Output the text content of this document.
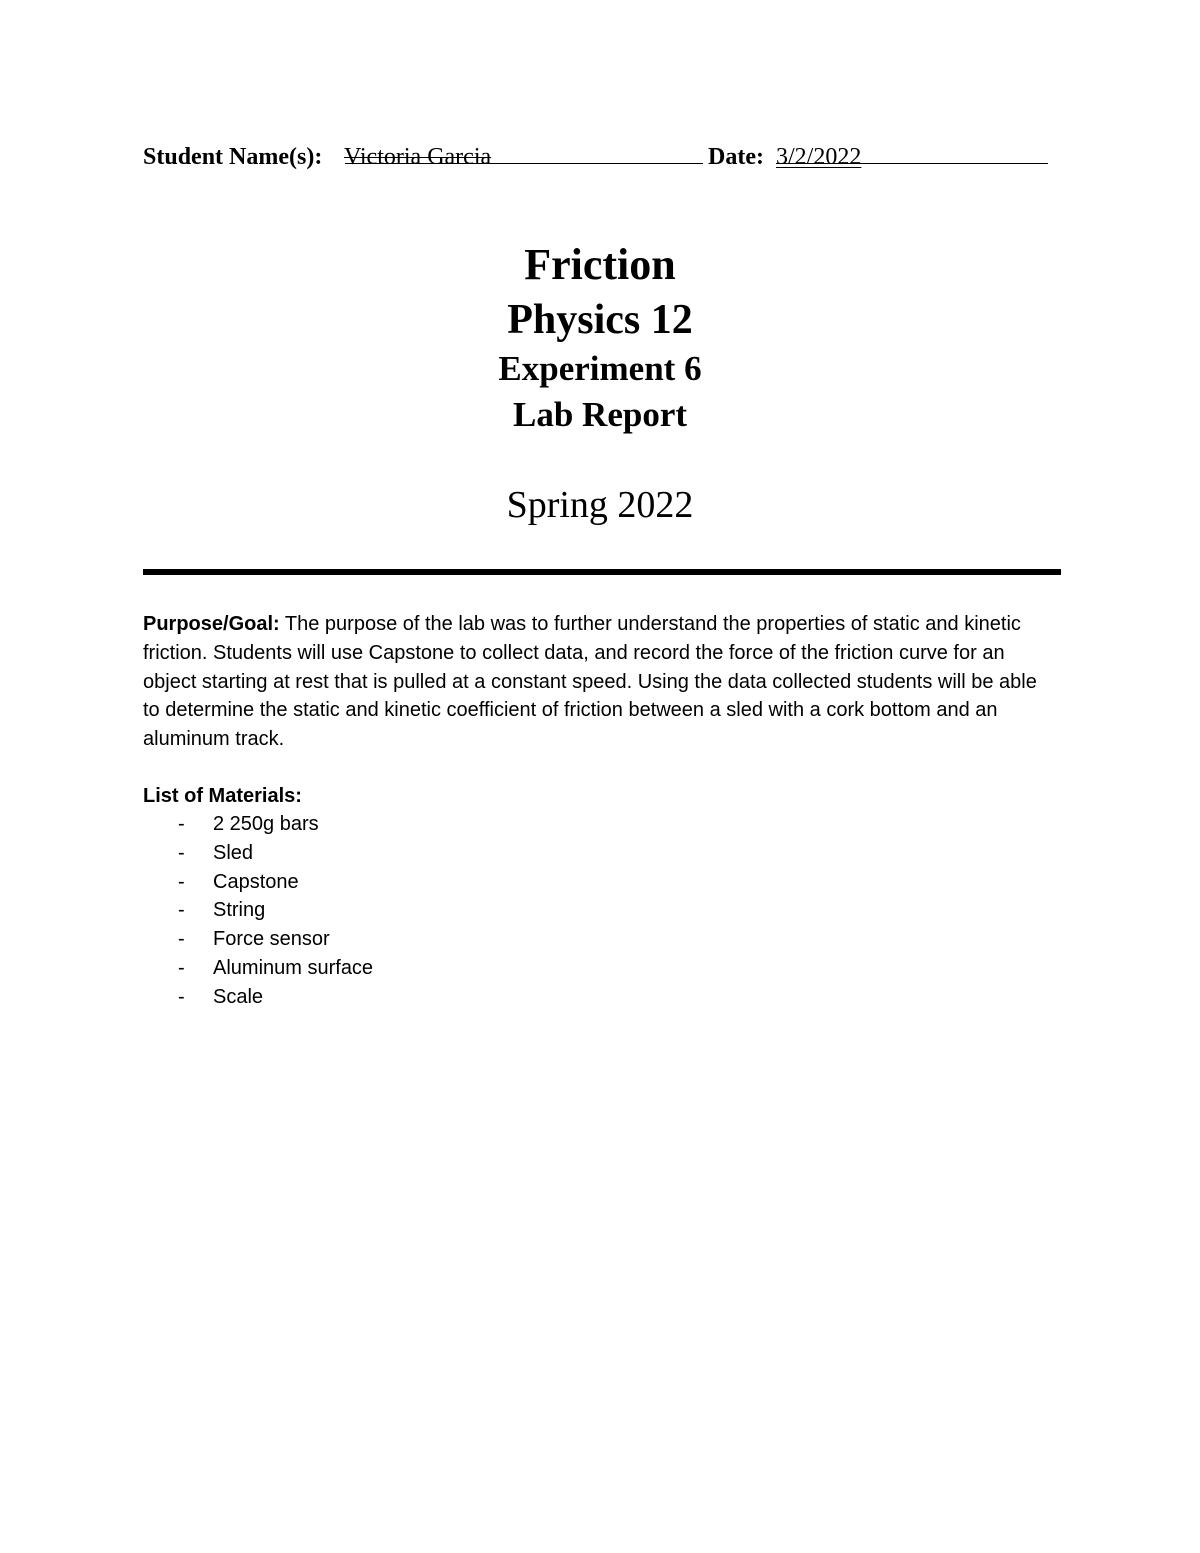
Student Name(s): Victoria Garcia	Date: 3/2/2022
Friction
Physics 12
Experiment 6
Lab Report
Spring 2022
Purpose/Goal: The purpose of the lab was to further understand the properties of static and kinetic friction. Students will use Capstone to collect data, and record the force of the friction curve for an object starting at rest that is pulled at a constant speed. Using the data collected students will be able to determine the static and kinetic coefficient of friction between a sled with a cork bottom and an aluminum track.
List of Materials:
- 2 250g bars
- Sled
- Capstone
- String
- Force sensor
- Aluminum surface
- Scale
